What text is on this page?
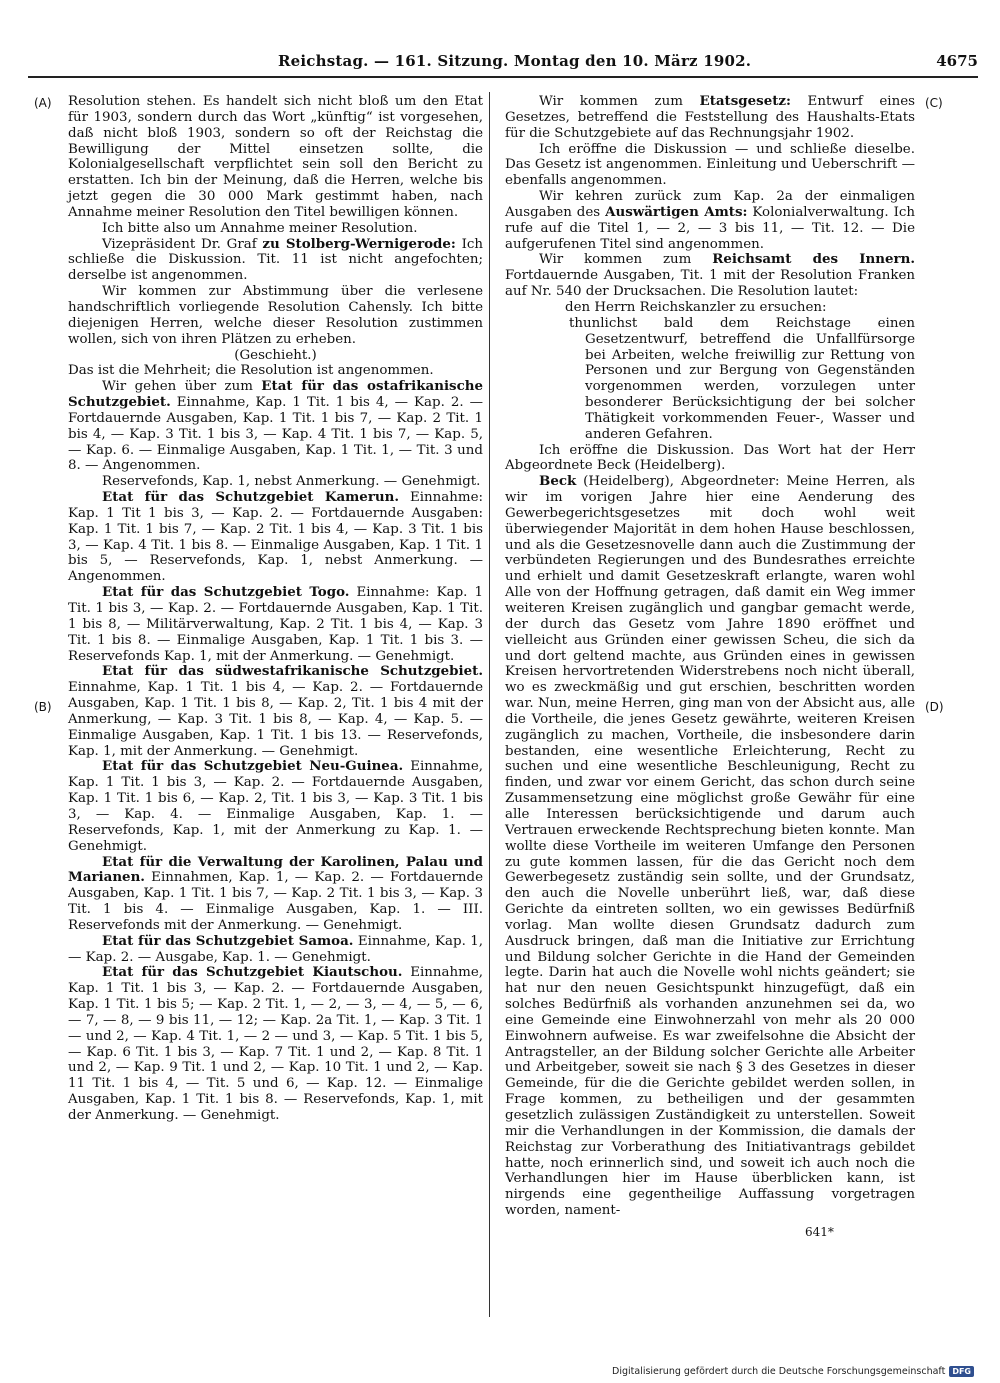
Reichstag. — 161. Sitzung. Montag den 10. März 1902.	4675
(A)
(B)
(C)
(D)

Resolution stehen. Es handelt sich nicht bloß um den Etat für 1903, sondern durch das Wort „künftig“ ist vorgesehen, daß nicht bloß 1903, sondern so oft der Reichstag die Bewilligung der Mittel einsetzen sollte, die Kolonialgesellschaft verpflichtet sein soll den Bericht zu erstatten. Ich bin der Meinung, daß die Herren, welche bis jetzt gegen die 30 000 Mark gestimmt haben, nach Annahme meiner Resolution den Titel bewilligen können.

Ich bitte also um Annahme meiner Resolution.

Vizepräsident Dr. Graf zu Stolberg-Wernigerode: Ich schließe die Diskussion. Tit. 11 ist nicht angefochten; derselbe ist angenommen.

Wir kommen zur Abstimmung über die verlesene handschriftlich vorliegende Resolution Cahensly. Ich bitte diejenigen Herren, welche dieser Resolution zustimmen wollen, sich von ihren Plätzen zu erheben.

(Geschieht.)

Das ist die Mehrheit; die Resolution ist angenommen.

Wir gehen über zum Etat für das ostafrikanische Schutzgebiet. Einnahme, Kap. 1 Tit. 1 bis 4, — Kap. 2. — Fortdauernde Ausgaben, Kap. 1 Tit. 1 bis 7, — Kap. 2 Tit. 1 bis 4, — Kap. 3 Tit. 1 bis 3, — Kap. 4 Tit. 1 bis 7, — Kap. 5, — Kap. 6. — Einmalige Ausgaben, Kap. 1 Tit. 1, — Tit. 3 und 8. — Angenommen.

Reservefonds, Kap. 1, nebst Anmerkung. — Genehmigt.

Etat für das Schutzgebiet Kamerun. Einnahme: Kap. 1 Tit 1 bis 3, — Kap. 2. — Fortdauernde Ausgaben: Kap. 1 Tit. 1 bis 7, — Kap. 2 Tit. 1 bis 4, — Kap. 3 Tit. 1 bis 3, — Kap. 4 Tit. 1 bis 8. — Einmalige Ausgaben, Kap. 1 Tit. 1 bis 5, — Reservefonds, Kap. 1, nebst Anmerkung. — Angenommen.

Etat für das Schutzgebiet Togo. Einnahme: Kap. 1 Tit. 1 bis 3, — Kap. 2. — Fortdauernde Ausgaben, Kap. 1 Tit. 1 bis 8, — Militärverwaltung, Kap. 2 Tit. 1 bis 4, — Kap. 3 Tit. 1 bis 8. — Einmalige Ausgaben, Kap. 1 Tit. 1 bis 3. — Reservefonds Kap. 1, mit der Anmerkung. — Genehmigt.

Etat für das südwestafrikanische Schutzgebiet. Einnahme, Kap. 1 Tit. 1 bis 4, — Kap. 2. — Fortdauernde Ausgaben, Kap. 1 Tit. 1 bis 8, — Kap. 2, Tit. 1 bis 4 mit der Anmerkung, — Kap. 3 Tit. 1 bis 8, — Kap. 4, — Kap. 5. — Einmalige Ausgaben, Kap. 1 Tit. 1 bis 13. — Reservefonds, Kap. 1, mit der Anmerkung. — Genehmigt.

Etat für das Schutzgebiet Neu-Guinea. Einnahme, Kap. 1 Tit. 1 bis 3, — Kap. 2. — Fortdauernde Ausgaben, Kap. 1 Tit. 1 bis 6, — Kap. 2, Tit. 1 bis 3, — Kap. 3 Tit. 1 bis 3, — Kap. 4. — Einmalige Ausgaben, Kap. 1. — Reservefonds, Kap. 1, mit der Anmerkung zu Kap. 1. — Genehmigt.

Etat für die Verwaltung der Karolinen, Palau und Marianen. Einnahmen, Kap. 1, — Kap. 2. — Fortdauernde Ausgaben, Kap. 1 Tit. 1 bis 7, — Kap. 2 Tit. 1 bis 3, — Kap. 3 Tit. 1 bis 4. — Einmalige Ausgaben, Kap. 1. — III. Reservefonds mit der Anmerkung. — Genehmigt.

Etat für das Schutzgebiet Samoa. Einnahme, Kap. 1, — Kap. 2. — Ausgabe, Kap. 1. — Genehmigt.

Etat für das Schutzgebiet Kiautschou. Einnahme, Kap. 1 Tit. 1 bis 3, — Kap. 2. — Fortdauernde Ausgaben, Kap. 1 Tit. 1 bis 5; — Kap. 2 Tit. 1, — 2, — 3, — 4, — 5, — 6, — 7, — 8, — 9 bis 11, — 12; — Kap. 2a Tit. 1, — Kap. 3 Tit. 1 — und 2, — Kap. 4 Tit. 1, — 2 — und 3, — Kap. 5 Tit. 1 bis 5, — Kap. 6 Tit. 1 bis 3, — Kap. 7 Tit. 1 und 2, — Kap. 8 Tit. 1 und 2, — Kap. 9 Tit. 1 und 2, — Kap. 10 Tit. 1 und 2, — Kap. 11 Tit. 1 bis 4, — Tit. 5 und 6, — Kap. 12. — Einmalige Ausgaben, Kap. 1 Tit. 1 bis 8. — Reservefonds, Kap. 1, mit der Anmerkung. — Genehmigt.

Wir kommen zum Etatsgesetz: Entwurf eines Gesetzes, betreffend die Feststellung des Haushalts-Etats für die Schutzgebiete auf das Rechnungsjahr 1902.

Ich eröffne die Diskussion — und schließe dieselbe. Das Gesetz ist angenommen. Einleitung und Ueberschrift — ebenfalls angenommen.

Wir kehren zurück zum Kap. 2a der einmaligen Ausgaben des Auswärtigen Amts: Kolonialverwaltung. Ich rufe auf die Titel 1, — 2, — 3 bis 11, — Tit. 12. — Die aufgerufenen Titel sind angenommen.

Wir kommen zum Reichsamt des Innern. Fortdauernde Ausgaben, Tit. 1 mit der Resolution Franken auf Nr. 540 der Drucksachen. Die Resolution lautet:

den Herrn Reichskanzler zu ersuchen:

thunlichst bald dem Reichstage einen Gesetzentwurf, betreffend die Unfallfürsorge bei Arbeiten, welche freiwillig zur Rettung von Personen und zur Bergung von Gegenständen vorgenommen werden, vorzulegen unter besonderer Berücksichtigung der bei solcher Thätigkeit vorkommenden Feuer-, Wasser und anderen Gefahren.

Ich eröffne die Diskussion. Das Wort hat der Herr Abgeordnete Beck (Heidelberg).

Beck (Heidelberg), Abgeordneter: Meine Herren, als wir im vorigen Jahre hier eine Aenderung des Gewerbegerichtsgesetzes mit doch wohl weit überwiegender Majorität in dem hohen Hause beschlossen, und als die Gesetzesnovelle dann auch die Zustimmung der verbündeten Regierungen und des Bundesrathes erreichte und erhielt und damit Gesetzeskraft erlangte, waren wohl Alle von der Hoffnung getragen, daß damit ein Weg immer weiteren Kreisen zugänglich und gangbar gemacht werde, der durch das Gesetz vom Jahre 1890 eröffnet und vielleicht aus Gründen einer gewissen Scheu, die sich da und dort geltend machte, aus Gründen eines in gewissen Kreisen hervortretenden Widerstrebens noch nicht überall, wo es zweckmäßig und gut erschien, beschritten worden war. Nun, meine Herren, ging man von der Absicht aus, alle die Vortheile, die jenes Gesetz gewährte, weiteren Kreisen zugänglich zu machen, Vortheile, die insbesondere darin bestanden, eine wesentliche Erleichterung, Recht zu suchen und eine wesentliche Beschleunigung, Recht zu finden, und zwar vor einem Gericht, das schon durch seine Zusammensetzung eine möglichst große Gewähr für eine alle Interessen berücksichtigende und darum auch Vertrauen erweckende Rechtsprechung bieten konnte. Man wollte diese Vortheile im weiteren Umfange den Personen zu gute kommen lassen, für die das Gericht noch dem Gewerbegesetz zuständig sein sollte, und der Grundsatz, den auch die Novelle unberührt ließ, war, daß diese Gerichte da eintreten sollten, wo ein gewisses Bedürfniß vorlag. Man wollte diesen Grundsatz dadurch zum Ausdruck bringen, daß man die Initiative zur Errichtung und Bildung solcher Gerichte in die Hand der Gemeinden legte. Darin hat auch die Novelle wohl nichts geändert; sie hat nur den neuen Gesichtspunkt hinzugefügt, daß ein solches Bedürfniß als vorhanden anzunehmen sei da, wo eine Gemeinde eine Einwohnerzahl von mehr als 20 000 Einwohnern aufweise. Es war zweifelsohne die Absicht der Antragsteller, an der Bildung solcher Gerichte alle Arbeiter und Arbeitgeber, soweit sie nach § 3 des Gesetzes in dieser Gemeinde, für die die Gerichte gebildet werden sollen, in Frage kommen, zu betheiligen und der gesammten gesetzlich zulässigen Zuständigkeit zu unterstellen. Soweit mir die Verhandlungen in der Kommission, die damals der Reichstag zur Vorberathung des Initiativantrags gebildet hatte, noch erinnerlich sind, und soweit ich auch noch die Verhandlungen hier im Hause überblicken kann, ist nirgends eine gegentheilige Auffassung vorgetragen worden, nament-

641*

Digitalisierung gefördert durch die Deutsche Forschungsgemeinschaft DFG
